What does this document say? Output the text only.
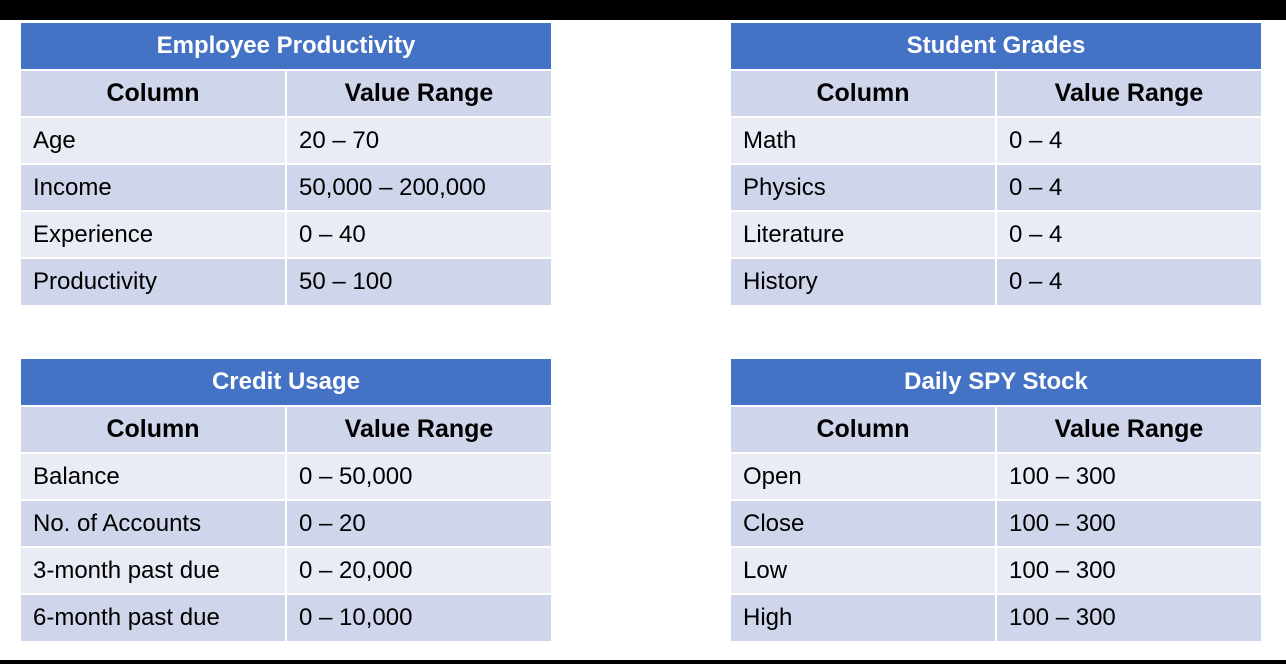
Employee Productivity	
Column	Value Range
Age	20 – 70
Income	50,000 – 200,000
Experience	0 – 40
Productivity	50 – 100
Student Grades	
Column	Value Range
Math	0 – 4
Physics	0 – 4
Literature	0 – 4
History	0 – 4
Credit Usage	
Column	Value Range
Balance	0 – 50,000
No. of Accounts	0 – 20
3-month past due	0 – 20,000
6-month past due	0 – 10,000
Daily SPY Stock	
Column	Value Range
Open	100 – 300
Close	100 – 300
Low	100 – 300
High	100 – 300
